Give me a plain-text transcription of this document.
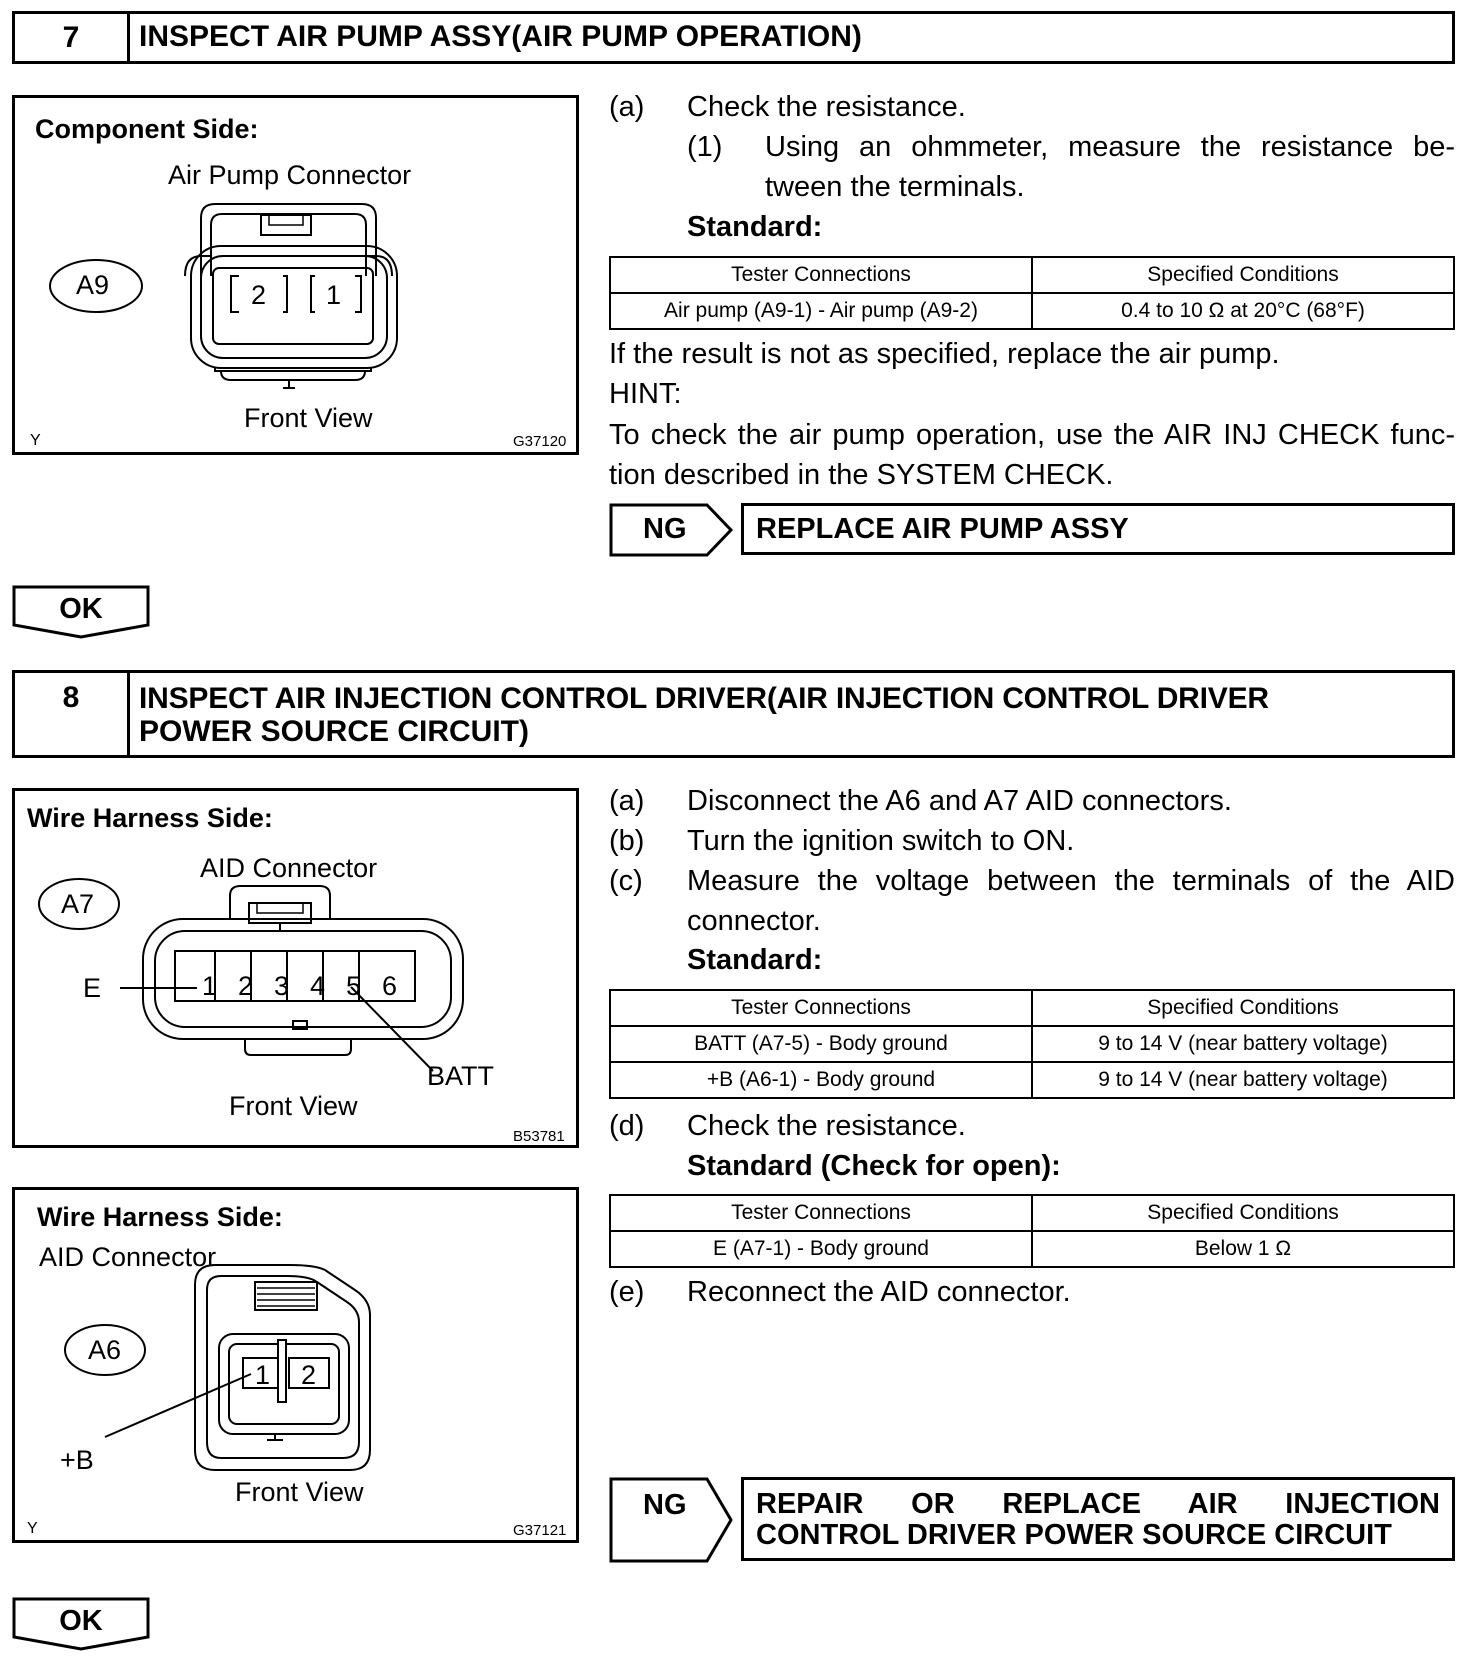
7	INSPECT AIR PUMP ASSY(AIR PUMP OPERATION)
Component Side:
Air Pump Connector
A9	2 1
Front View
Y	G37120
(a) Check the resistance.
(1) Using an ohmmeter, measure the resistance be-
tween the terminals.
Standard:
Tester Connections	Specified Conditions
Air pump (A9-1) - Air pump (A9-2)	0.4 to 10 Ω at 20°C (68°F)
If the result is not as specified, replace the air pump.
HINT:
To check the air pump operation, use the AIR INJ CHECK func-
tion described in the SYSTEM CHECK.
NG	REPLACE AIR PUMP ASSY
OK
8	INSPECT AIR INJECTION CONTROL DRIVER(AIR INJECTION CONTROL DRIVER
POWER SOURCE CIRCUIT)
Wire Harness Side:
AID Connector
A7
1 2 3 4 5 6
E
BATT
Front View
B53781
Wire Harness Side:
AID Connector
A6
1 2
+B
Front View
Y	G37121
(a) Disconnect the A6 and A7 AID connectors.
(b) Turn the ignition switch to ON.
(c) Measure the voltage between the terminals of the AID
connector.
Standard:
Tester Connections	Specified Conditions
BATT (A7-5) - Body ground	9 to 14 V (near battery voltage)
+B (A6-1) - Body ground	9 to 14 V (near battery voltage)
(d) Check the resistance.
Standard (Check for open):
Tester Connections	Specified Conditions
E (A7-1) - Body ground	Below 1 Ω
(e) Reconnect the AID connector.
NG	REPAIR OR REPLACE AIR INJECTION
CONTROL DRIVER POWER SOURCE CIRCUIT
OK
